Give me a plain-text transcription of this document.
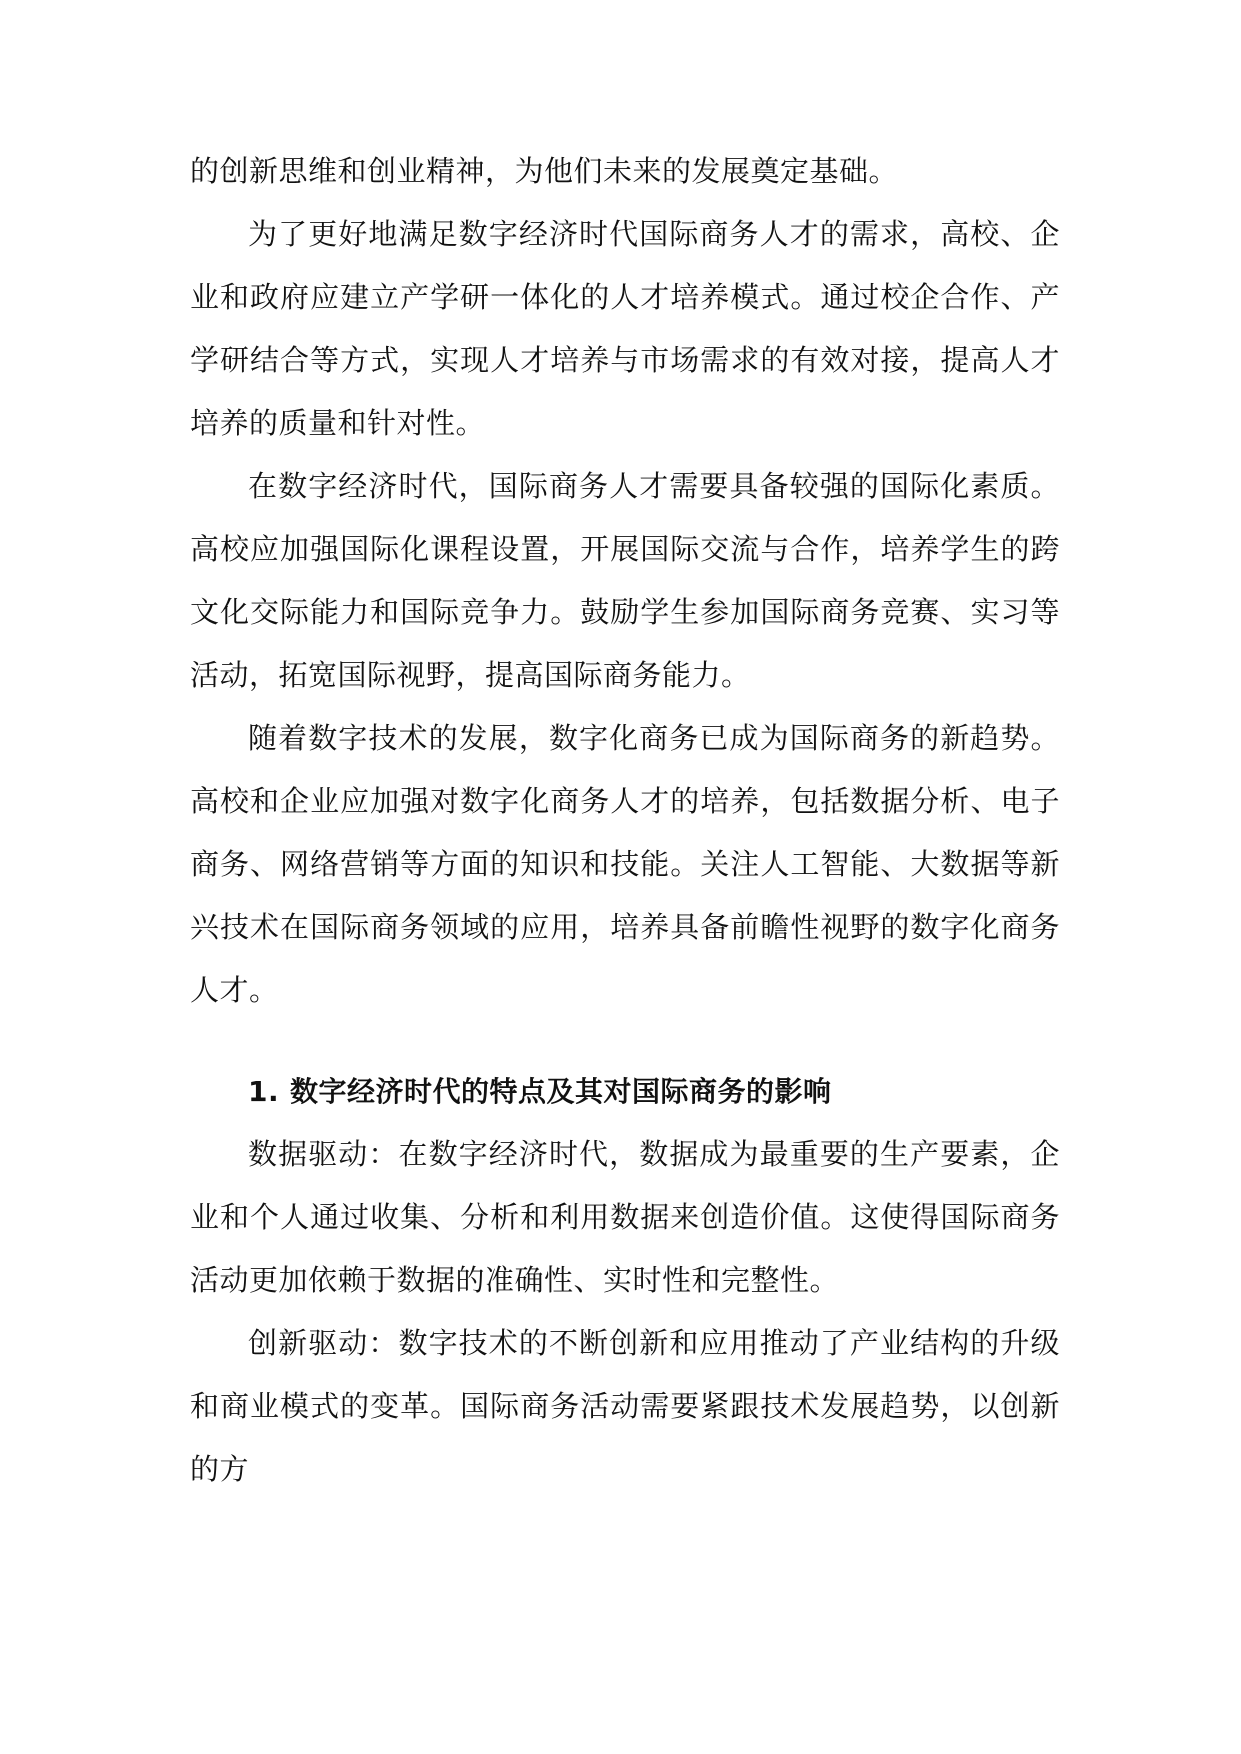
的创新思维和创业精神，为他们未来的发展奠定基础。

为了更好地满足数字经济时代国际商务人才的需求，高校、企业和政府应建立产学研一体化的人才培养模式。通过校企合作、产学研结合等方式，实现人才培养与市场需求的有效对接，提高人才培养的质量和针对性。

在数字经济时代，国际商务人才需要具备较强的国际化素质。高校应加强国际化课程设置，开展国际交流与合作，培养学生的跨文化交际能力和国际竞争力。鼓励学生参加国际商务竞赛、实习等活动，拓宽国际视野，提高国际商务能力。

随着数字技术的发展，数字化商务已成为国际商务的新趋势。高校和企业应加强对数字化商务人才的培养，包括数据分析、电子商务、网络营销等方面的知识和技能。关注人工智能、大数据等新兴技术在国际商务领域的应用，培养具备前瞻性视野的数字化商务人才。

1. 数字经济时代的特点及其对国际商务的影响

数据驱动：在数字经济时代，数据成为最重要的生产要素，企业和个人通过收集、分析和利用数据来创造价值。这使得国际商务活动更加依赖于数据的准确性、实时性和完整性。

创新驱动：数字技术的不断创新和应用推动了产业结构的升级和商业模式的变革。国际商务活动需要紧跟技术发展趋势，以创新的方
